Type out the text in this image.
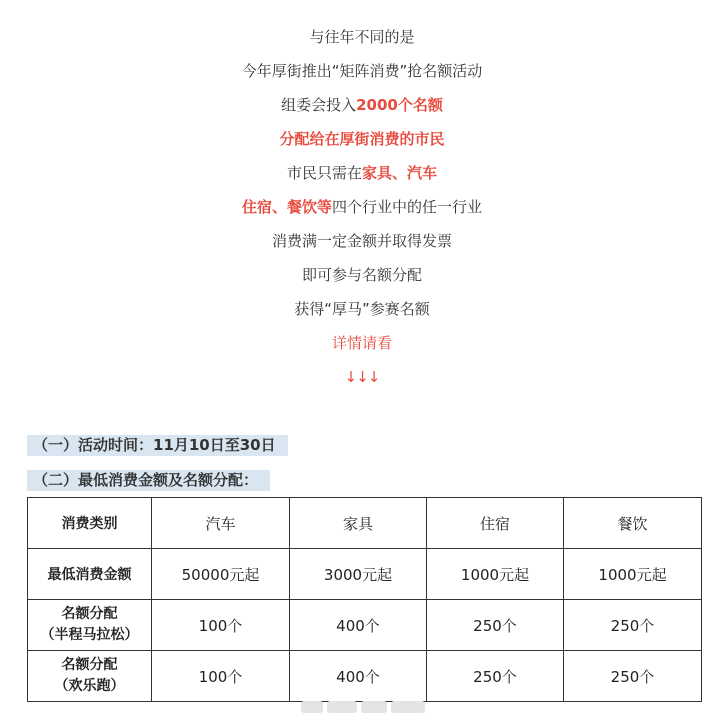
与往年不同的是
今年厚街推出“矩阵消费”抢名额活动
组委会投入2000个名额
分配给在厚街消费的市民
市民只需在家具、汽车
住宿、餐饮等四个行业中的任一行业
消费满一定金额并取得发票
即可参与名额分配
获得“厚马”参赛名额
详情请看
↓↓↓
（一）活动时间：11月10日至30日
（二）最低消费金额及名额分配：
消费类别	汽车	家具	住宿	餐饮
最低消费金额	50000元起	3000元起	1000元起	1000元起

名额分配
（半程马拉松）	100个	400个	250个	250个

名额分配
（欢乐跑）	100个	400个	250个	250个
